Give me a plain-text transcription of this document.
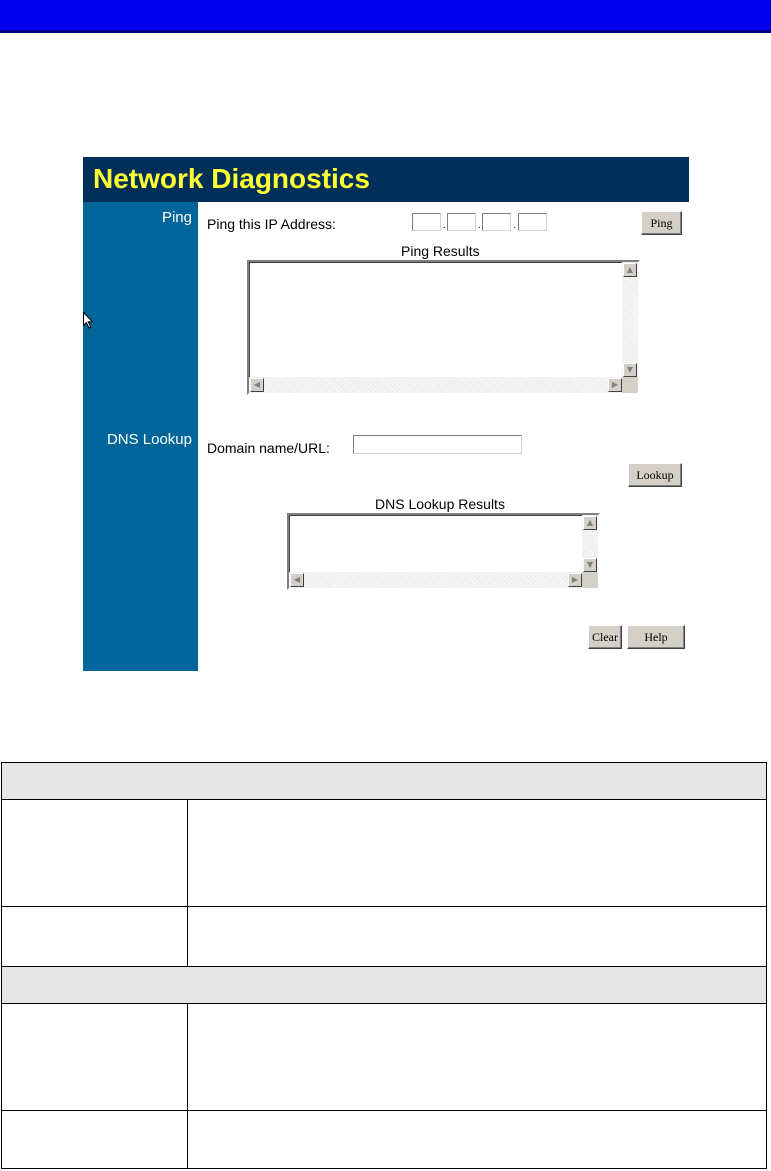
Network Diagnostics
Ping
DNS Lookup
Ping this IP Address:	.	.	.	Ping
Ping Results
▲
▼
◀	▶
Domain name/URL:
Lookup
DNS Lookup Results
▲
▼
◀	▶
Clear	Help
